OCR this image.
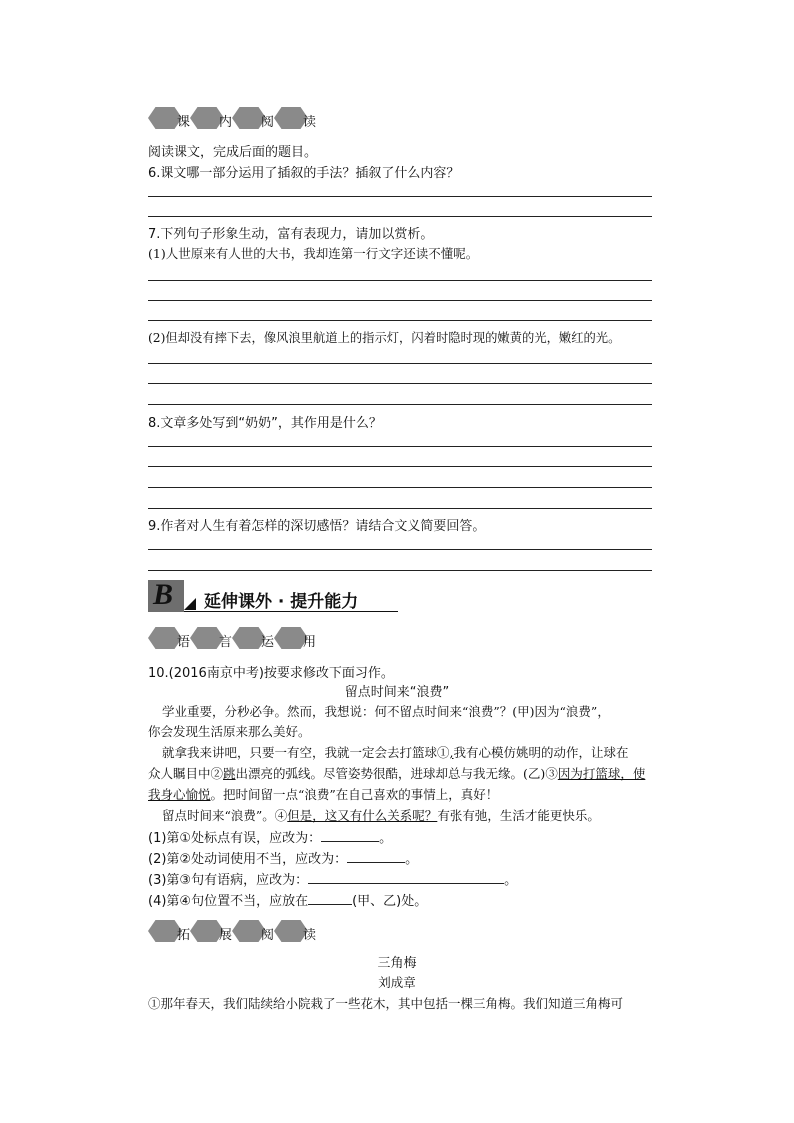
课 内 阅 读
阅读课文，完成后面的题目。
6.课文哪一部分运用了插叙的手法？插叙了什么内容？
7.下列句子形象生动，富有表现力，请加以赏析。
(1)人世原来有人世的大书，我却连第一行文字还读不懂呢。
(2)但却没有摔下去，像风浪里航道上的指示灯，闪着时隐时现的嫩黄的光，嫩红的光。
8.文章多处写到“奶奶”，其作用是什么？
9.作者对人生有着怎样的深切感悟？请结合文义简要回答。
B 延伸课外 · 提升能力
语 言 运 用
10.(2016南京中考)按要求修改下面习作。
留点时间来“浪费”
学业重要，分秒必争。然而，我想说：何不留点时间来“浪费”？(甲)因为“浪费”，
你会发现生活原来那么美好。
就拿我来讲吧，只要一有空，我就一定会去打篮球①,我有心模仿姚明的动作，让球在
众人瞩目中②跳出漂亮的弧线。尽管姿势很酷，进球却总与我无缘。(乙)③因为打篮球，使
我身心愉悦。把时间留一点“浪费”在自己喜欢的事情上，真好！
留点时间来“浪费”。④但是，这又有什么关系呢？有张有弛，生活才能更快乐。
(1)第①处标点有误，应改为：	。
(2)第②处动词使用不当，应改为：	。
(3)第③句有语病，应改为：	。
(4)第④句位置不当，应放在	(甲、乙)处。
拓 展 阅 读
三角梅
刘成章
①那年春天，我们陆续给小院栽了一些花木，其中包括一棵三角梅。我们知道三角梅可
